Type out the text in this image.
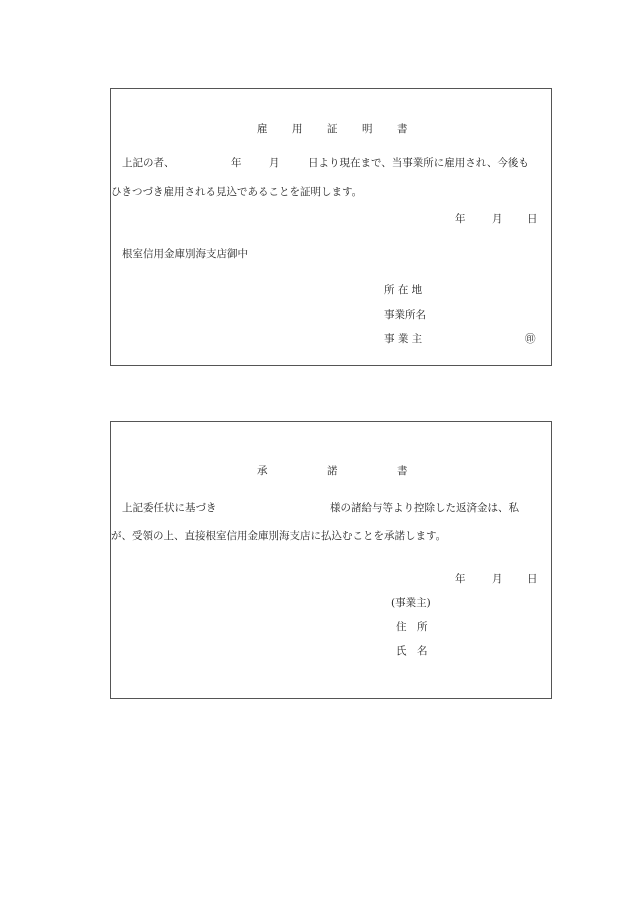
雇 用 証 明 書
上記の者、	年	月	日より現在まで、当事業所に雇用され、今後も
ひきつづき雇用される見込であることを証明します。
年	月 日
根室信用金庫別海支店御中
所 在 地
事業所名
事 業 主	㊞
承	諾	書
上記委任状に基づき	様の諸給与等より控除した返済金は、私
が、受領の上、直接根室信用金庫別海支店に払込むことを承諾します。
年	月 日
(事業主)
住　所
氏　名
